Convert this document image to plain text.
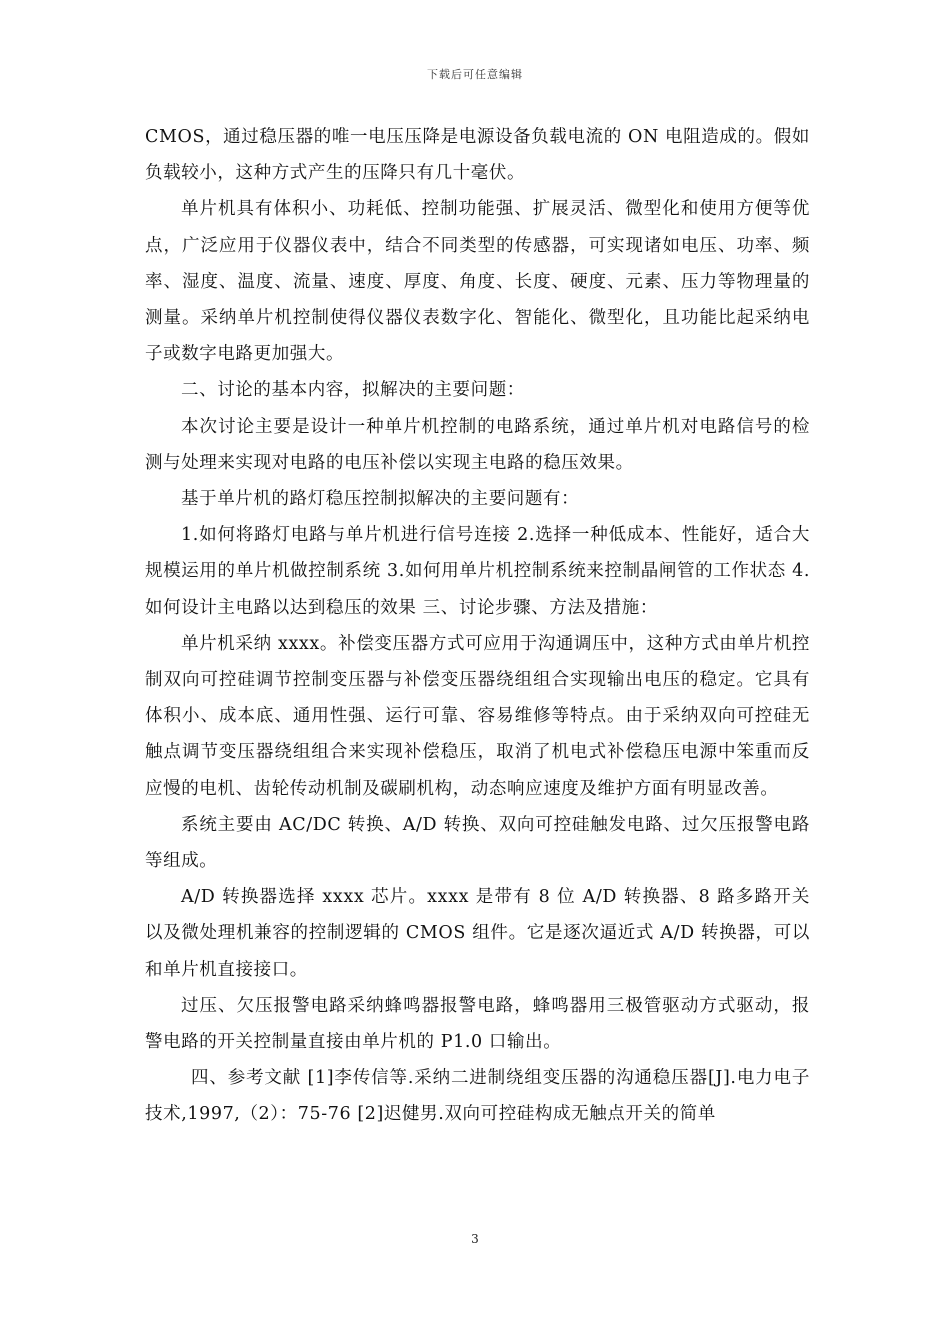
下载后可任意编辑

CMOS，通过稳压器的唯一电压压降是电源设备负载电流的 ON 电阻造成的。假如负载较小，这种方式产生的压降只有几十毫伏。

单片机具有体积小、功耗低、控制功能强、扩展灵活、微型化和使用方便等优点，广泛应用于仪器仪表中，结合不同类型的传感器，可实现诸如电压、功率、频率、湿度、温度、流量、速度、厚度、角度、长度、硬度、元素、压力等物理量的测量。采纳单片机控制使得仪器仪表数字化、智能化、微型化，且功能比起采纳电子或数字电路更加强大。

二、讨论的基本内容，拟解决的主要问题：

本次讨论主要是设计一种单片机控制的电路系统，通过单片机对电路信号的检测与处理来实现对电路的电压补偿以实现主电路的稳压效果。

基于单片机的路灯稳压控制拟解决的主要问题有：

1.如何将路灯电路与单片机进行信号连接 2.选择一种低成本、性能好，适合大规模运用的单片机做控制系统 3.如何用单片机控制系统来控制晶闸管的工作状态 4.如何设计主电路以达到稳压的效果 三、讨论步骤、方法及措施：

单片机采纳 xxxx。补偿变压器方式可应用于沟通调压中，这种方式由单片机控制双向可控硅调节控制变压器与补偿变压器绕组组合实现输出电压的稳定。它具有体积小、成本底、通用性强、运行可靠、容易维修等特点。由于采纳双向可控硅无触点调节变压器绕组组合来实现补偿稳压，取消了机电式补偿稳压电源中笨重而反应慢的电机、齿轮传动机制及碳刷机构，动态响应速度及维护方面有明显改善。

系统主要由 AC/DC 转换、A/D 转换、双向可控硅触发电路、过欠压报警电路等组成。

A/D 转换器选择 xxxx 芯片。xxxx 是带有 8 位 A/D 转换器、8 路多路开关以及微处理机兼容的控制逻辑的 CMOS 组件。它是逐次逼近式 A/D 转换器，可以和单片机直接接口。

过压、欠压报警电路采纳蜂鸣器报警电路，蜂鸣器用三极管驱动方式驱动，报警电路的开关控制量直接由单片机的 P1.0 口输出。

四、参考文献 [1]李传信等.采纳二进制绕组变压器的沟通稳压器[J].电力电子技术,1997,（2）：75-76 [2]迟健男.双向可控硅构成无触点开关的简单

3
